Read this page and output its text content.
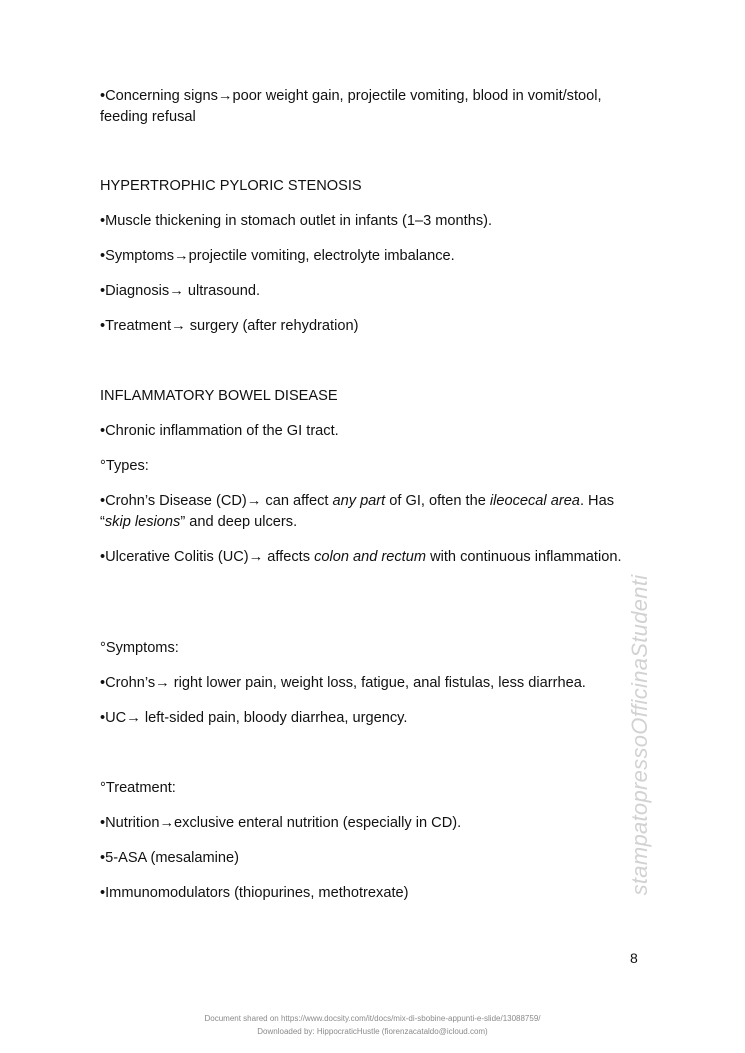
•Concerning signs→poor weight gain, projectile vomiting, blood in vomit/stool, feeding refusal

HYPERTROPHIC PYLORIC STENOSIS

•Muscle thickening in stomach outlet in infants (1–3 months).

•Symptoms→projectile vomiting, electrolyte imbalance.

•Diagnosis→ ultrasound.

•Treatment→ surgery (after rehydration)

INFLAMMATORY BOWEL DISEASE

•Chronic inflammation of the GI tract.

°Types:

•Crohn’s Disease (CD)→ can affect any part of GI, often the ileocecal area. Has “skip lesions” and deep ulcers.

•Ulcerative Colitis (UC)→ affects colon and rectum with continuous inflammation.

°Symptoms:

•Crohn’s→ right lower pain, weight loss, fatigue, anal fistulas, less diarrhea.

•UC→ left-sided pain, bloody diarrhea, urgency.

°Treatment:

•Nutrition→exclusive enteral nutrition (especially in CD).

•5-ASA (mesalamine)

•Immunomodulators (thiopurines, methotrexate)	stampatopressoOfficinaStudenti
8
Document shared on https://www.docsity.com/it/docs/mix-di-sbobine-appunti-e-slide/13088759/
Downloaded by: HippocraticHustle (fiorenzacataldo@icloud.com)
